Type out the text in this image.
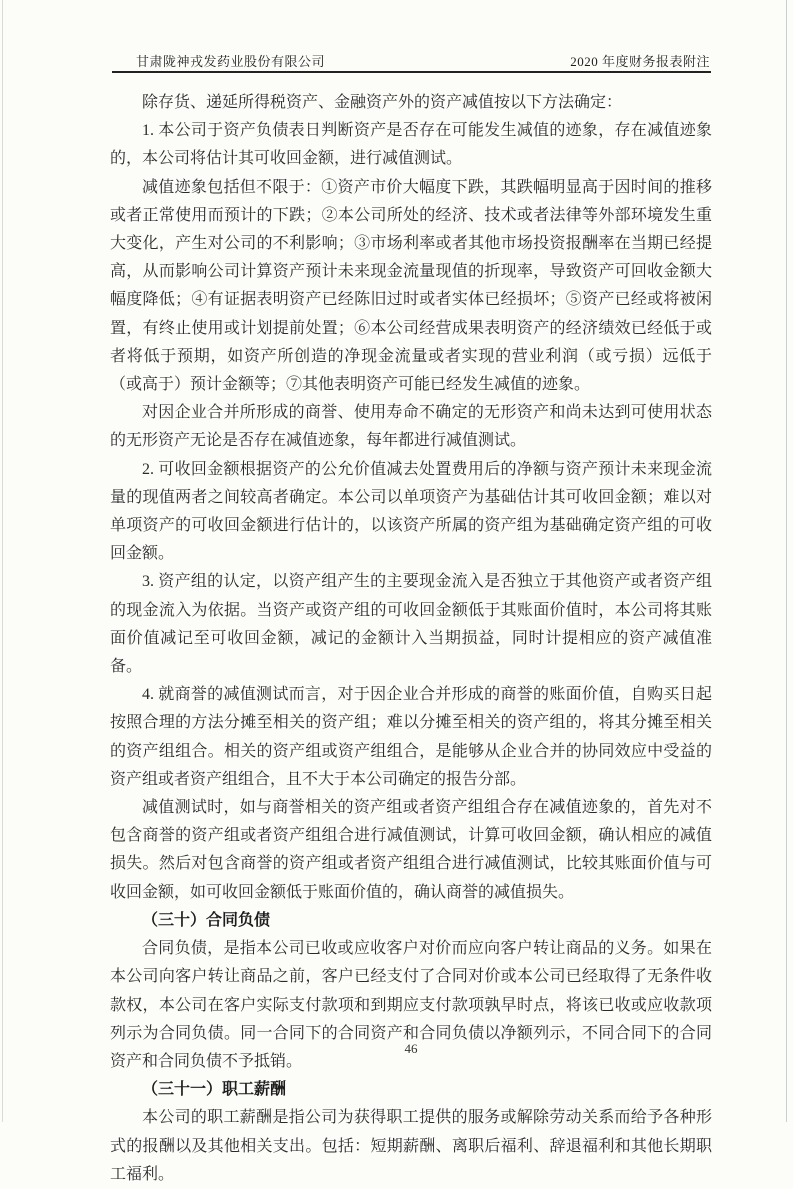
甘肃陇神戎发药业股份有限公司	2020 年度财务报表附注

除存货、递延所得税资产、金融资产外的资产减值按以下方法确定：

1. 本公司于资产负债表日判断资产是否存在可能发生减值的迹象，存在减值迹象的，本公司将估计其可收回金额，进行减值测试。

减值迹象包括但不限于：①资产市价大幅度下跌，其跌幅明显高于因时间的推移或者正常使用而预计的下跌；②本公司所处的经济、技术或者法律等外部环境发生重大变化，产生对公司的不利影响；③市场利率或者其他市场投资报酬率在当期已经提高，从而影响公司计算资产预计未来现金流量现值的折现率，导致资产可回收金额大幅度降低；④有证据表明资产已经陈旧过时或者实体已经损坏；⑤资产已经或将被闲置，有终止使用或计划提前处置；⑥本公司经营成果表明资产的经济绩效已经低于或者将低于预期，如资产所创造的净现金流量或者实现的营业利润（或亏损）远低于（或高于）预计金额等；⑦其他表明资产可能已经发生减值的迹象。

对因企业合并所形成的商誉、使用寿命不确定的无形资产和尚未达到可使用状态的无形资产无论是否存在减值迹象，每年都进行减值测试。

2. 可收回金额根据资产的公允价值减去处置费用后的净额与资产预计未来现金流量的现值两者之间较高者确定。本公司以单项资产为基础估计其可收回金额；难以对单项资产的可收回金额进行估计的，以该资产所属的资产组为基础确定资产组的可收回金额。

3. 资产组的认定，以资产组产生的主要现金流入是否独立于其他资产或者资产组的现金流入为依据。当资产或资产组的可收回金额低于其账面价值时，本公司将其账面价值减记至可收回金额，减记的金额计入当期损益，同时计提相应的资产减值准备。

4. 就商誉的减值测试而言，对于因企业合并形成的商誉的账面价值，自购买日起按照合理的方法分摊至相关的资产组；难以分摊至相关的资产组的，将其分摊至相关的资产组组合。相关的资产组或资产组组合，是能够从企业合并的协同效应中受益的资产组或者资产组组合，且不大于本公司确定的报告分部。

减值测试时，如与商誉相关的资产组或者资产组组合存在减值迹象的，首先对不包含商誉的资产组或者资产组组合进行减值测试，计算可收回金额，确认相应的减值损失。然后对包含商誉的资产组或者资产组组合进行减值测试，比较其账面价值与可收回金额，如可收回金额低于账面价值的，确认商誉的减值损失。

（三十）合同负债

合同负债，是指本公司已收或应收客户对价而应向客户转让商品的义务。如果在本公司向客户转让商品之前，客户已经支付了合同对价或本公司已经取得了无条件收款权，本公司在客户实际支付款项和到期应支付款项孰早时点，将该已收或应收款项列示为合同负债。同一合同下的合同资产和合同负债以净额列示，不同合同下的合同资产和合同负债不予抵销。

（三十一）职工薪酬

本公司的职工薪酬是指公司为获得职工提供的服务或解除劳动关系而给予各种形式的报酬以及其他相关支出。包括：短期薪酬、离职后福利、辞退福利和其他长期职工福利。

46
